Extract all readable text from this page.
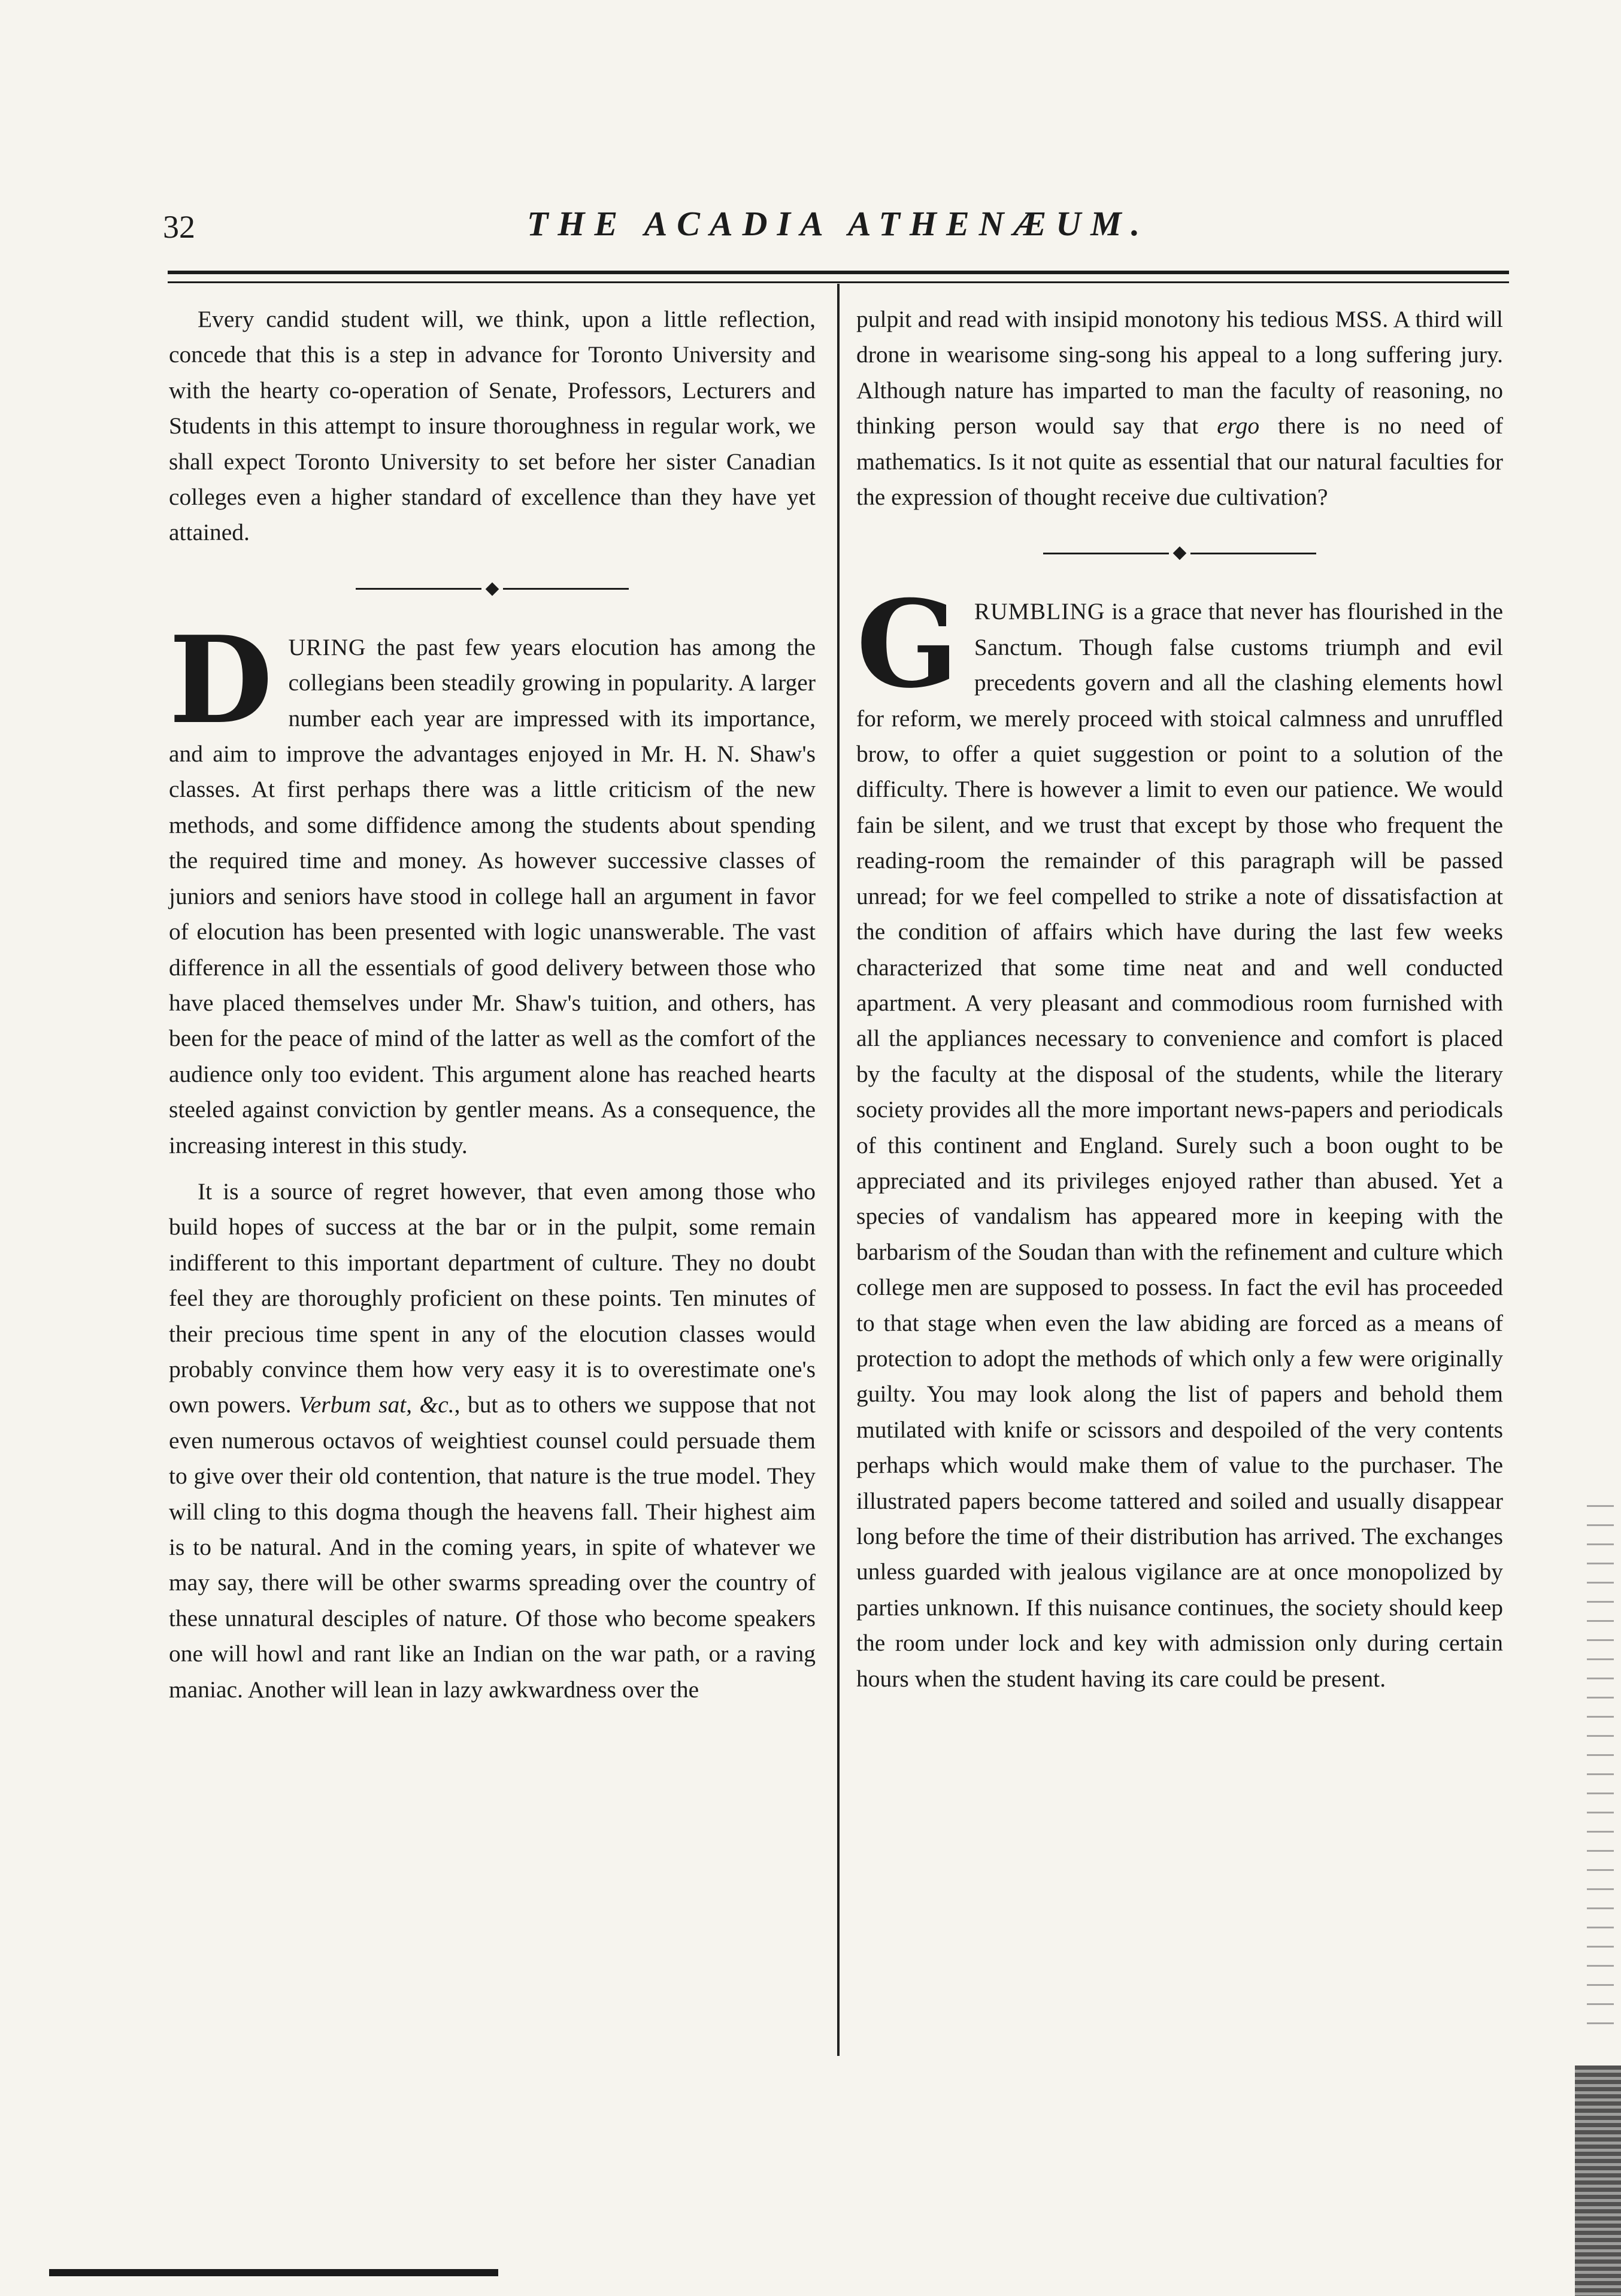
32	THE ACADIA ATHENÆUM.

Every candid student will, we think, upon a little reflection, concede that this is a step in advance for Toronto University and with the hearty co-operation of Senate, Professors, Lecturers and Students in this attempt to insure thoroughness in regular work, we shall expect Toronto University to set before her sister Canadian colleges even a higher standard of excellence than they have yet attained.

DURING the past few years elocution has among the collegians been steadily growing in popularity. A larger number each year are impressed with its importance, and aim to improve the advantages enjoyed in Mr. H. N. Shaw's classes. At first perhaps there was a little criticism of the new methods, and some diffidence among the students about spending the required time and money. As however successive classes of juniors and seniors have stood in college hall an argument in favor of elocution has been presented with logic unanswerable. The vast difference in all the essentials of good delivery between those who have placed themselves under Mr. Shaw's tuition, and others, has been for the peace of mind of the latter as well as the comfort of the audience only too evident. This argument alone has reached hearts steeled against conviction by gentler means. As a consequence, the increasing interest in this study.

It is a source of regret however, that even among those who build hopes of success at the bar or in the pulpit, some remain indifferent to this important department of culture. They no doubt feel they are thoroughly proficient on these points. Ten minutes of their precious time spent in any of the elocution classes would probably convince them how very easy it is to overestimate one's own powers. Verbum sat, &c., but as to others we suppose that not even numerous octavos of weightiest counsel could persuade them to give over their old contention, that nature is the true model. They will cling to this dogma though the heavens fall. Their highest aim is to be natural. And in the coming years, in spite of whatever we may say, there will be other swarms spreading over the country of these unnatural desciples of nature. Of those who become speakers one will howl and rant like an Indian on the war path, or a raving maniac. Another will lean in lazy awkwardness over the

pulpit and read with insipid monotony his tedious MSS. A third will drone in wearisome sing-song his appeal to a long suffering jury. Although nature has imparted to man the faculty of reasoning, no thinking person would say that ergo there is no need of mathematics. Is it not quite as essential that our natural faculties for the expression of thought receive due cultivation?

GRUMBLING is a grace that never has flourished in the Sanctum. Though false customs triumph and evil precedents govern and all the clashing elements howl for reform, we merely proceed with stoical calmness and unruffled brow, to offer a quiet suggestion or point to a solution of the difficulty. There is however a limit to even our patience. We would fain be silent, and we trust that except by those who frequent the reading-room the remainder of this paragraph will be passed unread; for we feel compelled to strike a note of dissatisfaction at the condition of affairs which have during the last few weeks characterized that some time neat and and well conducted apartment. A very pleasant and commodious room furnished with all the appliances necessary to convenience and comfort is placed by the faculty at the disposal of the students, while the literary society provides all the more important news-papers and periodicals of this continent and England. Surely such a boon ought to be appreciated and its privileges enjoyed rather than abused. Yet a species of vandalism has appeared more in keeping with the barbarism of the Soudan than with the refinement and culture which college men are supposed to possess. In fact the evil has proceeded to that stage when even the law abiding are forced as a means of protection to adopt the methods of which only a few were originally guilty. You may look along the list of papers and behold them mutilated with knife or scissors and despoiled of the very contents perhaps which would make them of value to the purchaser. The illustrated papers become tattered and soiled and usually disappear long before the time of their distribution has arrived. The exchanges unless guarded with jealous vigilance are at once monopolized by parties unknown. If this nuisance continues, the society should keep the room under lock and key with admission only during certain hours when the student having its care could be present.
